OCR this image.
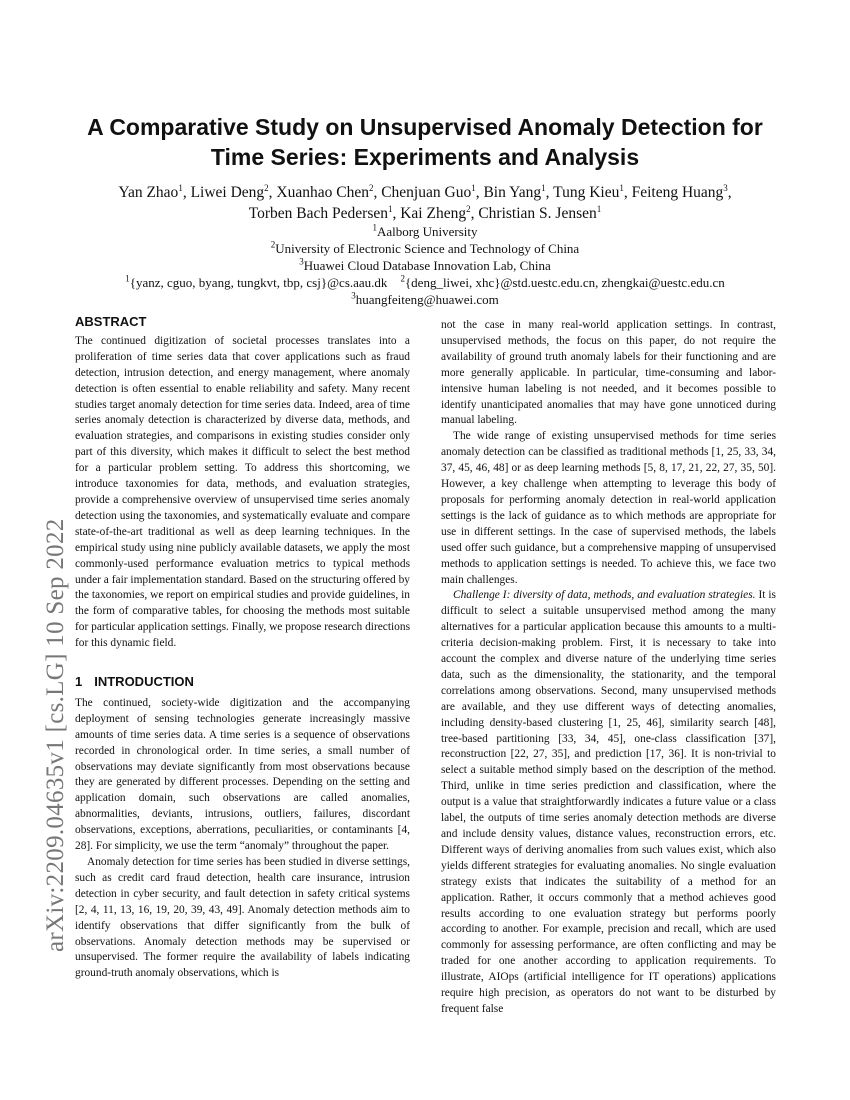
A Comparative Study on Unsupervised Anomaly Detection for
Time Series: Experiments and Analysis
Yan Zhao$^1$, Liwei Deng$^2$, Xuanhao Chen$^2$, Chenjuan Guo$^1$, Bin Yang$^1$, Tung Kieu$^1$, Feiteng Huang$^3$,
Torben Bach Pedersen$^1$, Kai Zheng$^2$, Christian S. Jensen$^1$
$^1$Aalborg University
$^2$University of Electronic Science and Technology of China
$^3$Huawei Cloud Database Innovation Lab, China
$^1${yanz, cguo, byang, tungkvt, tbp, csj}@cs.aau.dk $^2${deng_liwei, xhc}@std.uestc.edu.cn, zhengkai@uestc.edu.cn
$^3$huangfeiteng@huawei.com
arXiv:2209.04635v1 [cs.LG] 10 Sep 2022
ABSTRACT

The continued digitization of societal processes translates into a proliferation of time series data that cover applications such as fraud detection, intrusion detection, and energy management, where anomaly detection is often essential to enable reliability and safety. Many recent studies target anomaly detection for time series data. Indeed, area of time series anomaly detection is characterized by diverse data, methods, and evaluation strategies, and comparisons in existing studies consider only part of this diversity, which makes it difficult to select the best method for a particular problem setting. To address this shortcoming, we introduce taxonomies for data, methods, and evaluation strategies, provide a comprehensive overview of unsupervised time series anomaly detection using the taxonomies, and systematically evaluate and compare state-of-the-art traditional as well as deep learning techniques. In the empirical study using nine publicly available datasets, we apply the most commonly-used performance evaluation metrics to typical methods under a fair implementation standard. Based on the structuring offered by the taxonomies, we report on empirical studies and provide guidelines, in the form of comparative tables, for choosing the methods most suitable for particular application settings. Finally, we propose research directions for this dynamic field.

1 INTRODUCTION

The continued, society-wide digitization and the accompanying deployment of sensing technologies generate increasingly massive amounts of time series data. A time series is a sequence of observations recorded in chronological order. In time series, a small number of observations may deviate significantly from most observations because they are generated by different processes. Depending on the setting and application domain, such observations are called anomalies, abnormalities, deviants, intrusions, outliers, failures, discordant observations, exceptions, aberrations, peculiarities, or contaminants [4, 28]. For simplicity, we use the term “anomaly” throughout the paper.

Anomaly detection for time series has been studied in diverse settings, such as credit card fraud detection, health care insurance, intrusion detection in cyber security, and fault detection in safety critical systems [2, 4, 11, 13, 16, 19, 20, 39, 43, 49]. Anomaly detection methods aim to identify observations that differ significantly from the bulk of observations. Anomaly detection methods may be supervised or unsupervised. The former require the availability of labels indicating ground-truth anomaly observations, which is

not the case in many real-world application settings. In contrast, unsupervised methods, the focus on this paper, do not require the availability of ground truth anomaly labels for their functioning and are more generally applicable. In particular, time-consuming and labor-intensive human labeling is not needed, and it becomes possible to identify unanticipated anomalies that may have gone unnoticed during manual labeling.

The wide range of existing unsupervised methods for time series anomaly detection can be classified as traditional methods [1, 25, 33, 34, 37, 45, 46, 48] or as deep learning methods [5, 8, 17, 21, 22, 27, 35, 50]. However, a key challenge when attempting to leverage this body of proposals for performing anomaly detection in real-world application settings is the lack of guidance as to which methods are appropriate for use in different settings. In the case of supervised methods, the labels used offer such guidance, but a comprehensive mapping of unsupervised methods to application settings is needed. To achieve this, we face two main challenges.

Challenge I: diversity of data, methods, and evaluation strategies. It is difficult to select a suitable unsupervised method among the many alternatives for a particular application because this amounts to a multi-criteria decision-making problem. First, it is necessary to take into account the complex and diverse nature of the underlying time series data, such as the dimensionality, the stationarity, and the temporal correlations among observations. Second, many unsupervised methods are available, and they use different ways of detecting anomalies, including density-based clustering [1, 25, 46], similarity search [48], tree-based partitioning [33, 34, 45], one-class classification [37], reconstruction [22, 27, 35], and prediction [17, 36]. It is non-trivial to select a suitable method simply based on the description of the method. Third, unlike in time series prediction and classification, where the output is a value that straightforwardly indicates a future value or a class label, the outputs of time series anomaly detection methods are diverse and include density values, distance values, reconstruction errors, etc. Different ways of deriving anomalies from such values exist, which also yields different strategies for evaluating anomalies. No single evaluation strategy exists that indicates the suitability of a method for an application. Rather, it occurs commonly that a method achieves good results according to one evaluation strategy but performs poorly according to another. For example, precision and recall, which are used commonly for assessing performance, are often conflicting and may be traded for one another according to application requirements. To illustrate, AIOps (artificial intelligence for IT operations) applications require high precision, as operators do not want to be disturbed by frequent false
